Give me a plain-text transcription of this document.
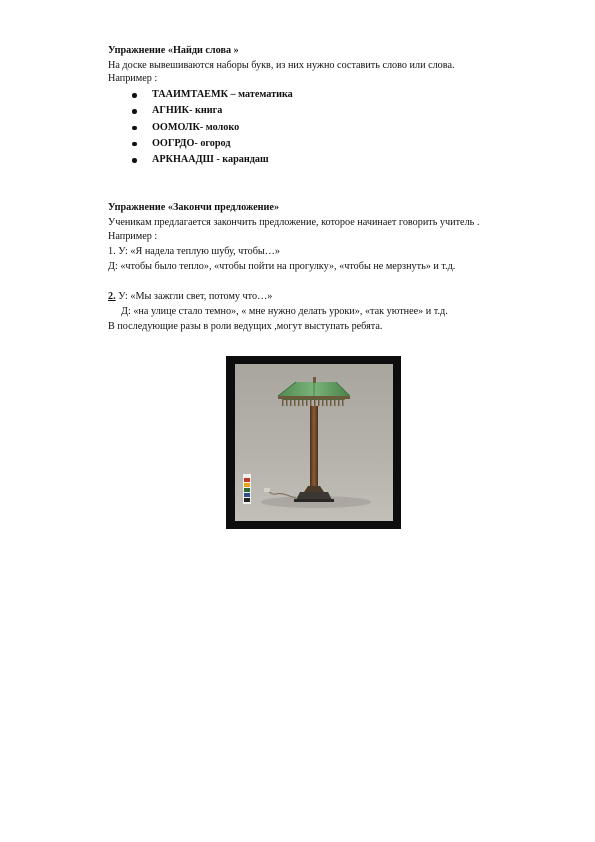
Упражнение «Найди слова »
На доске вывешиваются наборы букв, из них нужно составить слово или слова.
Например :
ТААИМТАЕМК – математика
АГНИК- книга
ООМОЛК- молоко
ООГРДО- огород
АРКНААДШ - карандаш
Упражнение «Закончи предложение»
Ученикам предлагается закончить предложение, которое начинает говорить учитель .
Например :
1. У: «Я надела теплую шубу, чтобы…»
Д: «чтобы было тепло», «чтобы пойти на прогулку», «чтобы не мерзнуть» и т.д.
2. У: «Мы зажгли свет, потому что…»
Д: «на улице стало темно», « мне нужно делать уроки», «так уютнее» и т.д.
В последующие разы в роли ведущих ,могут выступать ребята.
